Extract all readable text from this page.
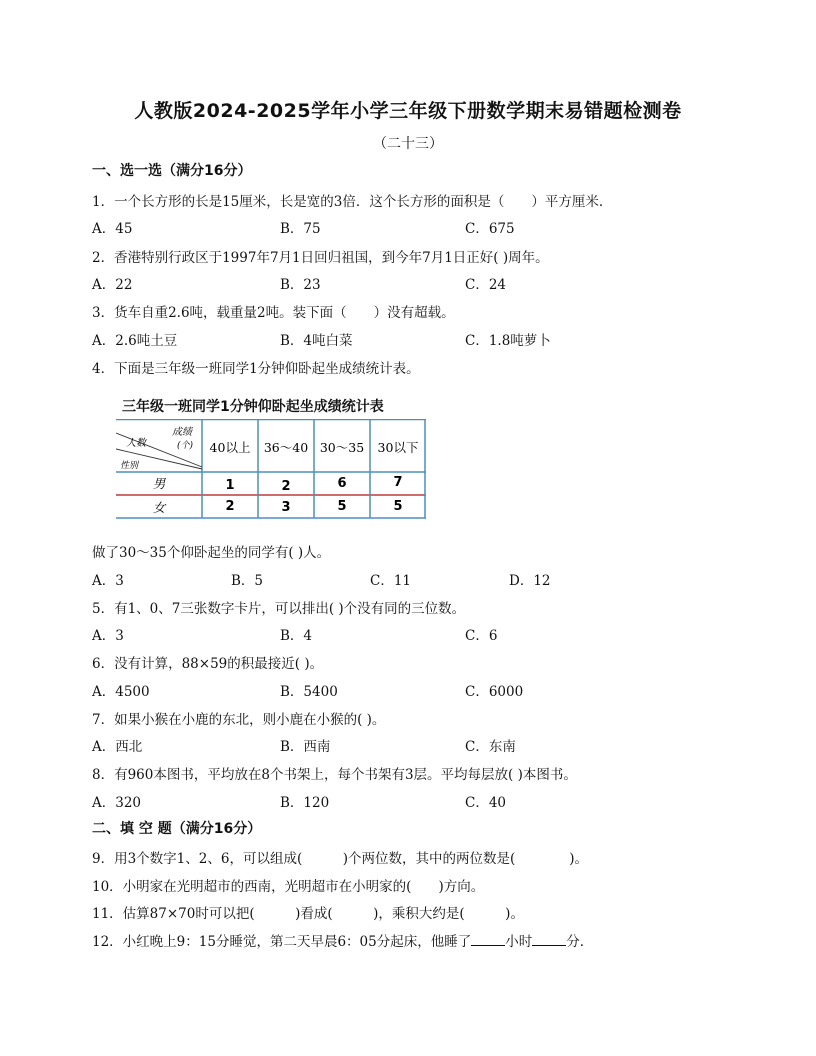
人教版2024-2025学年小学三年级下册数学期末易错题检测卷
（二十三）
一、选一选（满分16分）
1．一个长方形的长是15厘米，长是宽的3倍．这个长方形的面积是（　　）平方厘米．
A．45	B．75	C．675
2．香港特别行政区于1997年7月1日回归祖国，到今年7月1日正好( )周年。
A．22	B．23	C．24
3．货车自重2.6吨，载重量2吨。装下面（　　）没有超载。
A．2.6吨土豆	B．4吨白菜	C．1.8吨萝卜
4．下面是三年级一班同学1分钟仰卧起坐成绩统计表。
三年级一班同学1分钟仰卧起坐成绩统计表
成绩
(个)
人数
性别
40以上 36～40 30～35 30以下
男	1	2	6	7
女	2	3	5	5
做了30～35个仰卧起坐的同学有( )人。
A．3	B．5	C．11	D．12
5．有1、0、7三张数字卡片，可以排出( )个没有同的三位数。
A．3	B．4	C．6
6．没有计算，88×59的积最接近( )。
A．4500	B．5400	C．6000
7．如果小猴在小鹿的东北，则小鹿在小猴的( )。
A．西北	B．西南	C．东南
8．有960本图书，平均放在8个书架上，每个书架有3层。平均每层放( )本图书。
A．320	B．120	C．40
二、填 空 题（满分16分）
9．用3个数字1、2、6，可以组成(　　　)个两位数，其中的两位数是(　　　　)。
10．小明家在光明超市的西南，光明超市在小明家的(　　)方向。
11．估算87×70时可以把(　　　)看成(　　　)，乘积大约是(　　　)。
12．小红晚上9：15分睡觉，第二天早晨6：05分起床，他睡了	小时	分．
